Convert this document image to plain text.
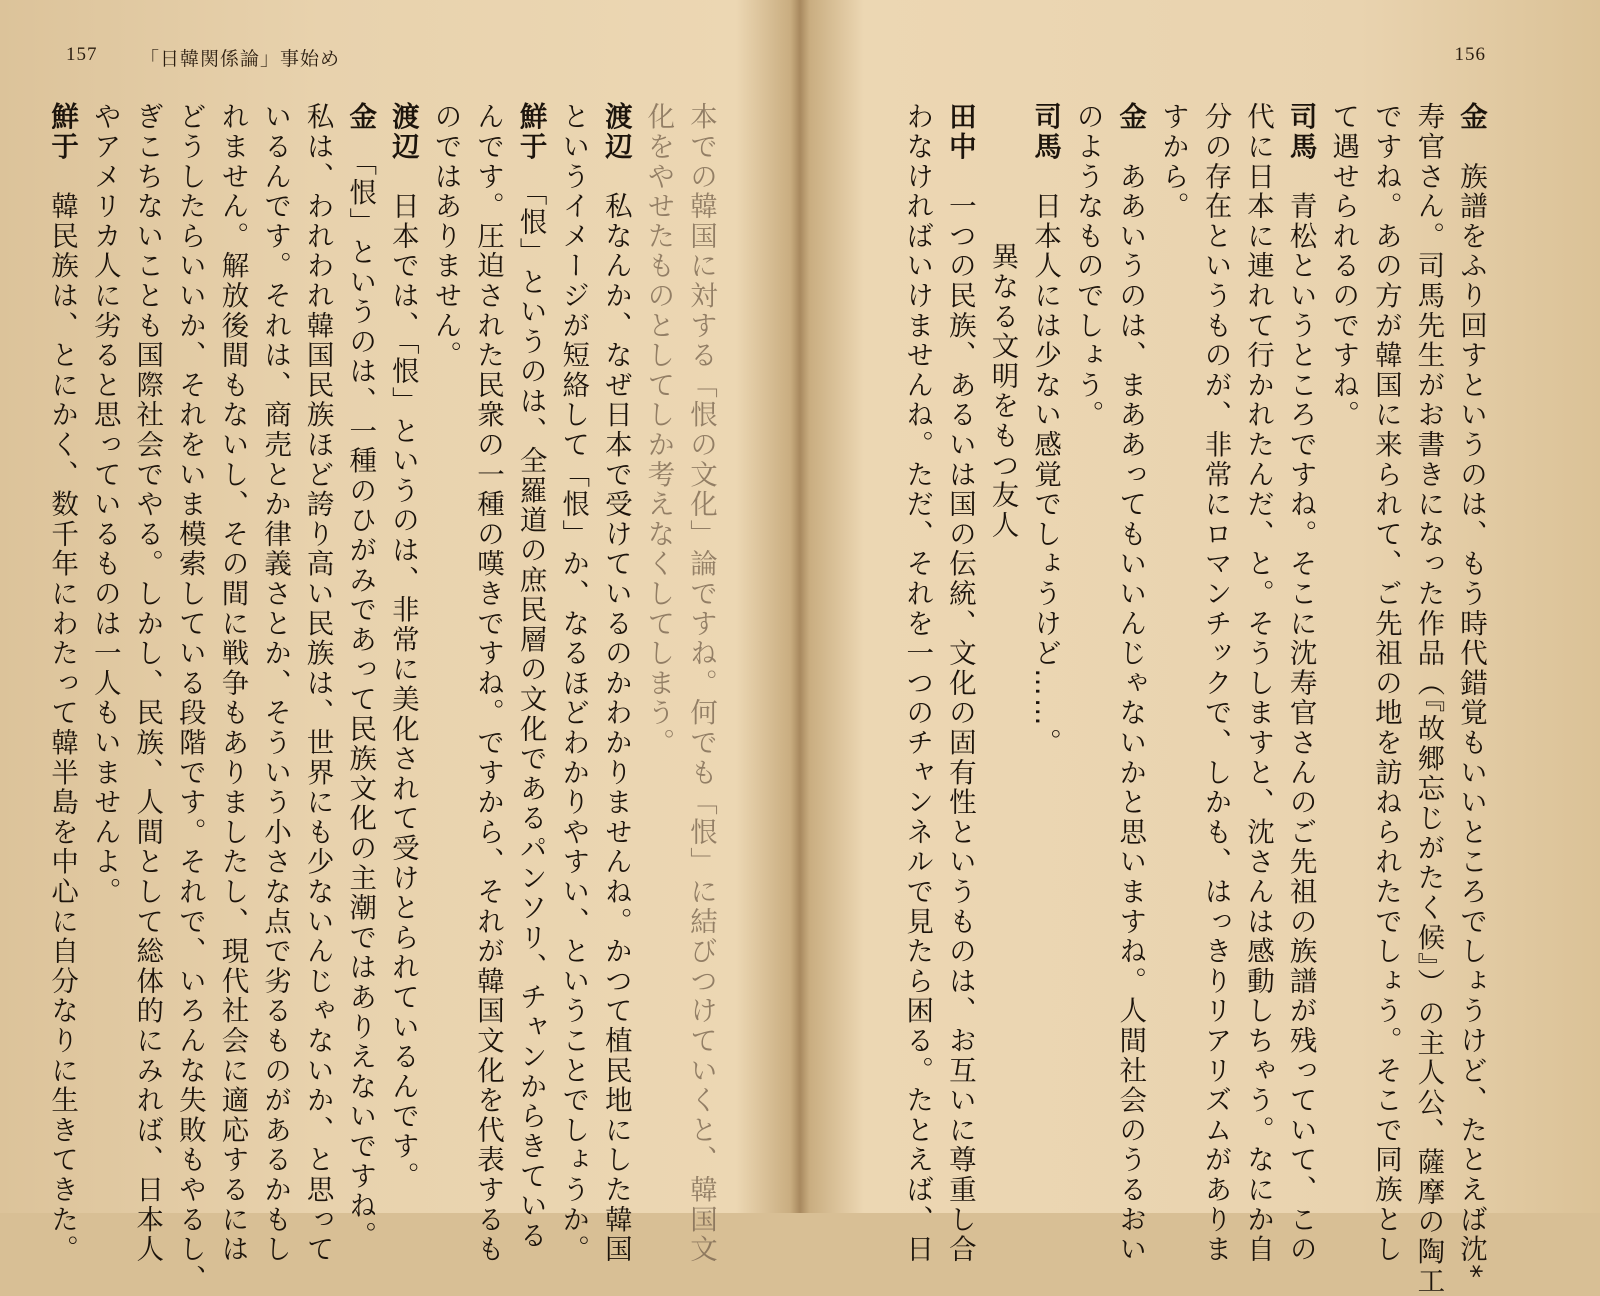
157 「日韓関係論」事始め
本での韓国に対する「恨の文化」論ですね。何でも「恨」に結びつけていくと、韓国文
化をやせたものとしてしか考えなくしてしまう。
渡辺　私なんか、なぜ日本で受けているのかわかりませんね。かつて植民地にした韓国
というイメージが短絡して「恨」か、なるほどわかりやすい、ということでしょうか。
鮮于　「恨」というのは、全羅道の庶民層の文化であるパンソリ、チャンからきている
んです。圧迫された民衆の一種の嘆きですね。ですから、それが韓国文化を代表するも
のではありません。
渡辺　日本では、「恨」というのは、非常に美化されて受けとられているんです。
金　「恨」というのは、一種のひがみであって民族文化の主潮ではありえないですね。
私は、われわれ韓国民族ほど誇り高い民族は、世界にも少ないんじゃないか、と思って
いるんです。それは、商売とか律義さとか、そういう小さな点で劣るものがあるかもし
れません。解放後間もないし、その間に戦争もありましたし、現代社会に適応するには
どうしたらいいか、それをいま模索している段階です。それで、いろんな失敗もやるし、
ぎこちないことも国際社会でやる。しかし、民族、人間として総体的にみれば、日本人
やアメリカ人に劣ると思っているものは一人もいませんよ。
鮮于　韓民族は、とにかく、数千年にわたって韓半島を中心に自分なりに生きてきた。
156
金　族譜をふり回すというのは、もう時代錯覚もいいところでしょうけど、たとえば沈*
寿官さん。司馬先生がお書きになった作品（『故郷忘じがたく候』）の主人公、薩摩の陶工
ですね。あの方が韓国に来られて、ご先祖の地を訪ねられたでしょう。そこで同族とし
て遇せられるのですね。
司馬　青松というところですね。そこに沈寿官さんのご先祖の族譜が残っていて、この
代に日本に連れて行かれたんだ、と。そうしますと、沈さんは感動しちゃう。なにか自
分の存在というものが、非常にロマンチックで、しかも、はっきりリアリズムがありま
すから。
金　ああいうのは、まああってもいいんじゃないかと思いますね。人間社会のうるおい
のようなものでしょう。
司馬　日本人には少ない感覚でしょうけど……。
異なる文明をもつ友人
田中　一つの民族、あるいは国の伝統、文化の固有性というものは、お互いに尊重し合
わなければいけませんね。ただ、それを一つのチャンネルで見たら困る。たとえば、日
